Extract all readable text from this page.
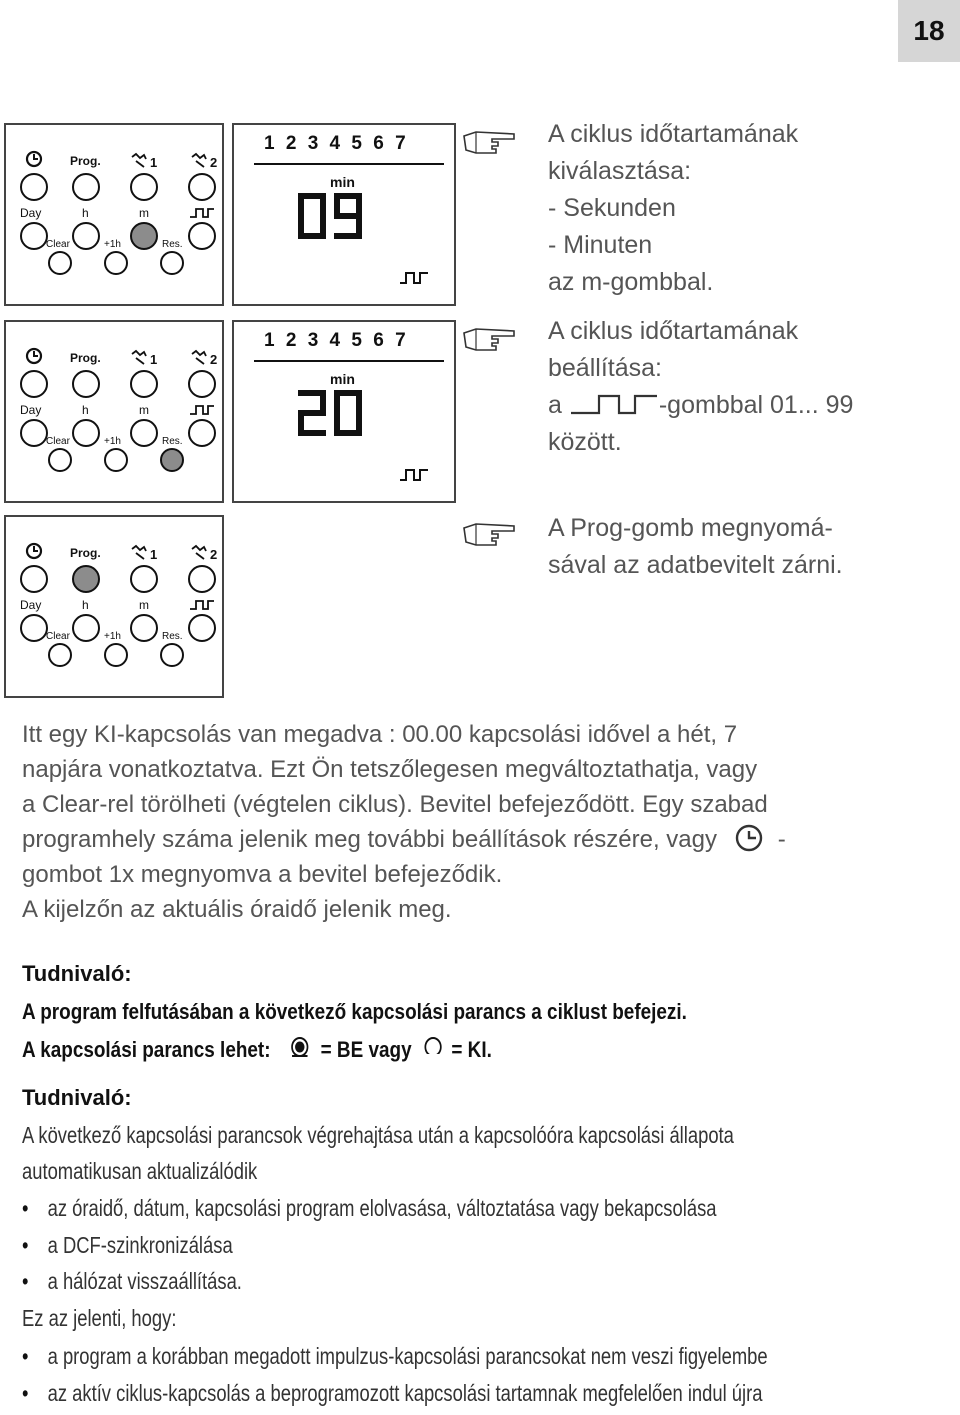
18
Prog.	1	2
Day	h	m
Clear	+1h	Res.
1 2 3 4 5 6 7
min
Prog.	1	2
Day	h	m
Clear	+1h	Res.
1 2 3 4 5 6 7
min
Prog.	1	2
Day	h	m
Clear	+1h	Res.
A ciklus időtartamának
kiválasztása:
- Sekunden
- Minuten
az m-gombbal.
A ciklus időtartamának
beállítása:
a	-gombbal 01... 99
között.
A Prog-gomb megnyomá-
sával az adatbevitelt zárni.
Itt egy KI-kapcsolás van megadva : 00.00 kapcsolási idővel a hét, 7
napjára vonatkoztatva. Ezt Ön tetszőlegesen megváltoztathatja, vagy
a Clear-rel törölheti (végtelen ciklus). Bevitel befejeződött. Egy szabad
programhely száma jelenik meg további beállítások részére, vagy	-
gombot 1x megnyomva a bevitel befejeződik.
A kijelzőn az aktuális óraidő jelenik meg.
Tudnivaló:
A program felfutásában a következő kapcsolási parancs a ciklust befejezi.
A kapcsolási parancs lehet: = BE vagy = KI.
Tudnivaló:
A következő kapcsolási parancsok végrehajtása után a kapcsolóóra kapcsolási állapota
automatikusan aktualizálódik
• az óraidő, dátum, kapcsolási program elolvasása, változtatása vagy bekapcsolása
• a DCF-szinkronizálása
• a hálózat visszaállítása.
Ez az jelenti, hogy:
• a program a korábban megadott impulzus-kapcsolási parancsokat nem veszi figyelembe
• az aktív ciklus-kapcsolás a beprogramozott kapcsolási tartamnak megfelelően indul újra
